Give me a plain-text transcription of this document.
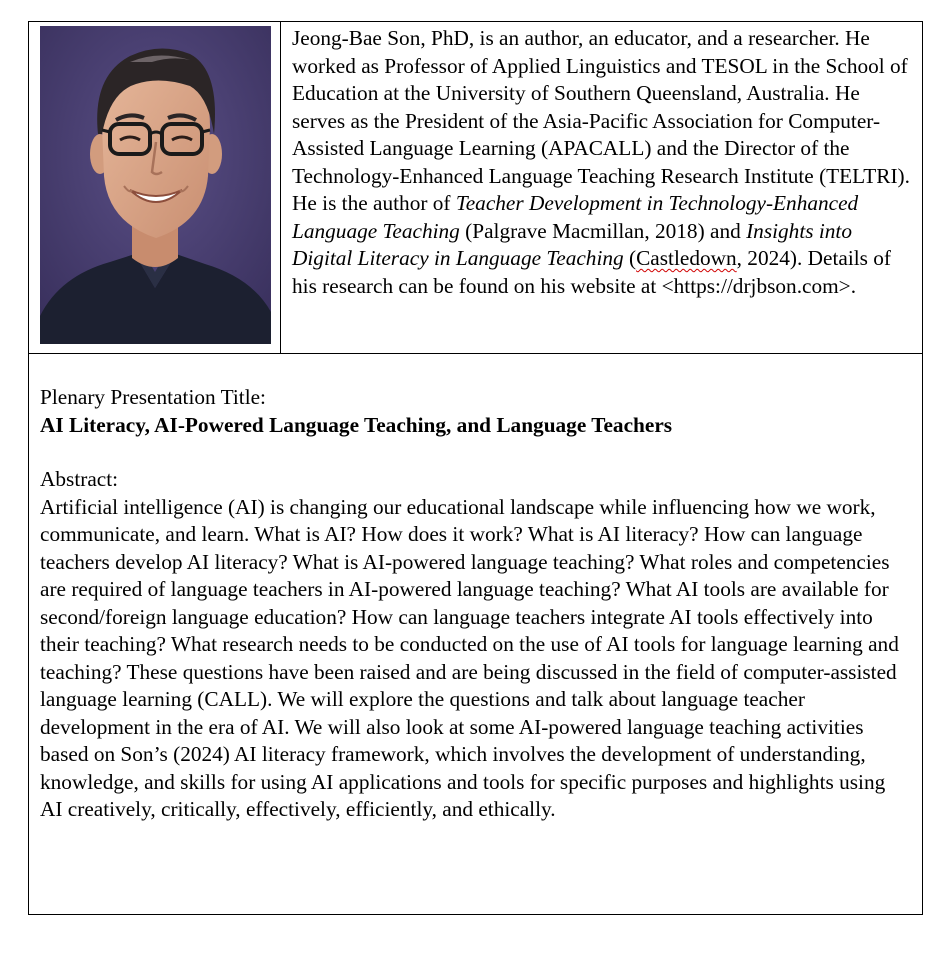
Jeong-Bae Son, PhD, is an author, an educator, and a researcher. He worked as Professor of Applied Linguistics and TESOL in the School of Education at the University of Southern Queensland, Australia. He serves as the President of the Asia-Pacific Association for Computer-Assisted Language Learning (APACALL) and the Director of the Technology-Enhanced Language Teaching Research Institute (TELTRI). He is the author of Teacher Development in Technology-Enhanced Language Teaching (Palgrave Macmillan, 2018) and Insights into Digital Literacy in Language Teaching (Castledown, 2024). Details of his research can be found on his website at <https://drjbson.com>.

Plenary Presentation Title:
AI Literacy, AI-Powered Language Teaching, and Language Teachers

Abstract:
Artificial intelligence (AI) is changing our educational landscape while influencing how we work, communicate, and learn. What is AI? How does it work? What is AI literacy? How can language teachers develop AI literacy? What is AI-powered language teaching? What roles and competencies are required of language teachers in AI-powered language teaching? What AI tools are available for second/foreign language education? How can language teachers integrate AI tools effectively into their teaching? What research needs to be conducted on the use of AI tools for language learning and teaching? These questions have been raised and are being discussed in the field of computer-assisted language learning (CALL). We will explore the questions and talk about language teacher development in the era of AI. We will also look at some AI-powered language teaching activities based on Son’s (2024) AI literacy framework, which involves the development of understanding, knowledge, and skills for using AI applications and tools for specific purposes and highlights using AI creatively, critically, effectively, efficiently, and ethically.
